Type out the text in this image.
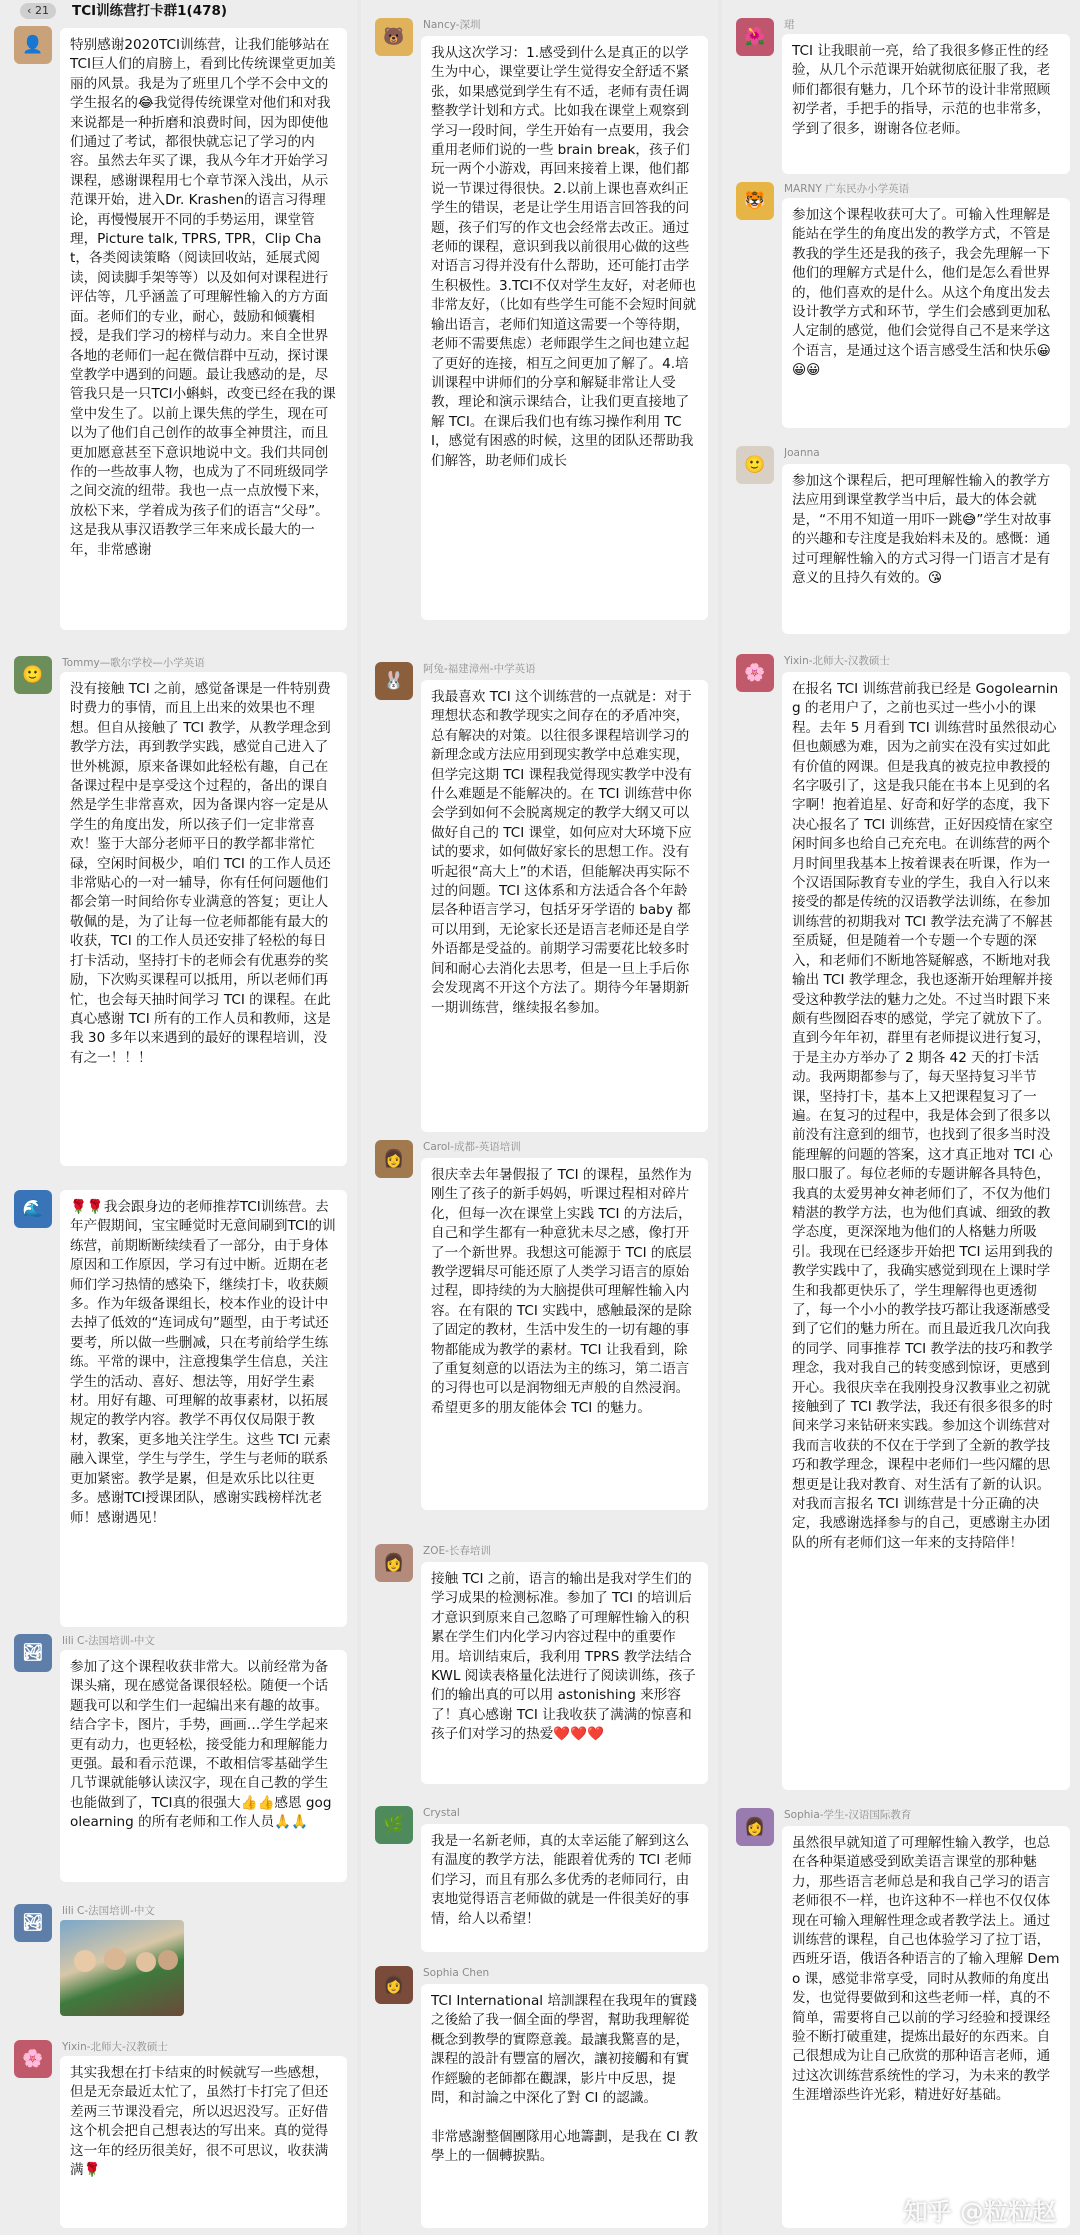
‹ 21	TCI训练营打卡群1(478)
👤	特别感谢2020TCI训练营，让我们能够站在TCI巨人们的肩膀上，看到比传统课堂更加美丽的风景。我是为了班里几个学不会中文的学生报名的😂我觉得传统课堂对他们和对我来说都是一种折磨和浪费时间，因为即使他们通过了考试，都很快就忘记了学习的内容。虽然去年买了课，我从今年才开始学习课程，感谢课程用七个章节深入浅出，从示范课开始，进入Dr. Krashen的语言习得理论，再慢慢展开不同的手势运用，课堂管理，Picture talk, TPRS, TPR，Clip Chat，各类阅读策略（阅读回收站，延展式阅读，阅读脚手架等等）以及如何对课程进行评估等，几乎涵盖了可理解性输入的方方面面。老师们的专业，耐心，鼓励和倾囊相授，是我们学习的榜样与动力。来自全世界各地的老师们一起在微信群中互动，探讨课堂教学中遇到的问题。最让我感动的是，尽管我只是一只TCI小蝌蚪，改变已经在我的课堂中发生了。以前上课失焦的学生，现在可以为了他们自己创作的故事全神贯注，而且更加愿意甚至下意识地说中文。我们共同创作的一些故事人物，也成为了不同班级同学之间交流的纽带。我也一点一点放慢下来，放松下来，学着成为孩子们的语言“父母”。这是我从事汉语教学三年来成长最大的一年，非常感谢
🙂
Tommy—歌尔学校—小学英语
没有接触 TCI 之前，感觉备课是一件特别费时费力的事情，而且上出来的效果也不理想。但自从接触了 TCI 教学，从教学理念到教学方法，再到教学实践，感觉自己进入了世外桃源，原来备课如此轻松有趣，自己在备课过程中是享受这个过程的，备出的课自然是学生非常喜欢，因为备课内容一定是从学生的角度出发，所以孩子们一定非常喜欢！鉴于大部分老师平日的教学都非常忙碌，空闲时间极少，咱们 TCI 的工作人员还非常贴心的一对一辅导，你有任何问题他们都会第一时间给你专业满意的答复；更让人敬佩的是，为了让每一位老师都能有最大的收获，TCI 的工作人员还安排了轻松的每日打卡活动，坚持打卡的老师会有优惠券的奖励，下次购买课程可以抵用，所以老师们再忙，也会每天抽时间学习 TCI 的课程。在此真心感谢 TCI 所有的工作人员和教师，这是我 30 多年以来遇到的最好的课程培训，没有之一！！！
🌊	🌹🌹我会跟身边的老师推荐TCI训练营。去年产假期间，宝宝睡觉时无意间刷到TCI的训练营，前期断断续续看了一部分，由于身体原因和工作原因，学习有过中断。近期在老师们学习热情的感染下，继续打卡，收获颇多。作为年级备课组长，校本作业的设计中去掉了低效的“连词成句”题型，由于考试还要考，所以做一些删减，只在考前给学生练练。平常的课中，注意搜集学生信息，关注学生的活动、喜好、想法等，用好学生素材。用好有趣、可理解的故事素材，以拓展规定的教学内容。教学不再仅仅局限于教材，教案，更多地关注学生。这些 TCI 元素融入课堂，学生与学生，学生与老师的联系更加紧密。教学是累，但是欢乐比以往更多。感谢TCI授课团队，感谢实践榜样沈老师！感谢遇见！
🏞
lili C-法国培训-中文
参加了这个课程收获非常大。以前经常为备课头痛，现在感觉备课很轻松。随便一个话题我可以和学生们一起编出来有趣的故事。结合字卡，图片，手势，画画…学生学起来更有动力，也更轻松，接受能力和理解能力更强。最和看示范课，不敢相信零基础学生几节课就能够认读汉字，现在自己教的学生也能做到了，TCI真的很强大👍👍感恩 gogolearning 的所有老师和工作人员🙏🙏
🏞
lili C-法国培训-中文
🌸
Yixin-北师大-汉教硕士
其实我想在打卡结束的时候就写一些感想，但是无奈最近太忙了，虽然打卡打完了但还差两三节课没看完，所以迟迟没写。正好借这个机会把自己想表达的写出来。真的觉得这一年的经历很美好，很不可思议，收获满满🌹
🐻
Nancy-深圳
我从这次学习：1.感受到什么是真正的以学生为中心，课堂要让学生觉得安全舒适不紧张，如果感觉到学生有不适，老师有责任调整教学计划和方式。比如我在课堂上观察到学习一段时间，学生开始有一点要用，我会重用老师们说的一些 brain break，孩子们玩一两个小游戏，再回来接着上课，他们都说一节课过得很快。2.以前上课也喜欢纠正学生的错误，老是让学生用语言回答我的问题，孩子们写的作文也会经常去改正。通过老师的课程，意识到我以前很用心做的这些对语言习得并没有什么帮助，还可能打击学生积极性。3.TCI不仅对学生友好，对老师也非常友好，（比如有些学生可能不会短时间就输出语言，老师们知道这需要一个等待期，老师不需要焦虑）老师跟学生之间也建立起了更好的连接，相互之间更加了解了。4.培训课程中讲师们的分享和解疑非常让人受教，理论和演示课结合，让我们更直接地了解 TCI。在课后我们也有练习操作利用 TCI，感觉有困惑的时候，这里的团队还帮助我们解答，助老师们成长
🐰
阿兔-福建漳州-中学英语
我最喜欢 TCI 这个训练营的一点就是：对于理想状态和教学现实之间存在的矛盾冲突，总有解决的对策。以往很多课程培训学习的新理念或方法应用到现实教学中总难实现，但学完这期 TCI 课程我觉得现实教学中没有什么难题是不能解决的。在 TCI 训练营中你会学到如何不会脱离规定的教学大纲又可以做好自己的 TCI 课堂，如何应对大环境下应试的要求，如何做好家长的思想工作。没有听起很“高大上”的术语，但能解决再实际不过的问题。TCI 这体系和方法适合各个年龄层各种语言学习，包括牙牙学语的 baby 都可以用到，无论家长还是语言老师还是自学外语都是受益的。前期学习需要花比较多时间和耐心去消化去思考，但是一旦上手后你会发现离不开这个方法了。期待今年暑期新一期训练营，继续报名参加。
👩
Carol-成都-英语培训
很庆幸去年暑假报了 TCI 的课程，虽然作为刚生了孩子的新手妈妈，听课过程相对碎片化，但每一次在课堂上实践 TCI 的方法后，自己和学生都有一种意犹未尽之感，像打开了一个新世界。我想这可能源于 TCI 的底层教学逻辑尽可能还原了人类学习语言的原始过程，即持续的为大脑提供可理解性输入内容。在有限的 TCI 实践中，感触最深的是除了固定的教材，生活中发生的一切有趣的事物都能成为教学的素材。TCI 让我看到，除了重复刻意的以语法为主的练习，第二语言的习得也可以是润物细无声般的自然浸润。希望更多的朋友能体会 TCI 的魅力。
👩
ZOE-长春培训
接触 TCI 之前，语言的输出是我对学生们的学习成果的检测标准。参加了 TCI 的培训后才意识到原来自己忽略了可理解性输入的积累在学生们内化学习内容过程中的重要作用。培训结束后，我利用 TPRS 教学法结合 KWL 阅读表格量化法进行了阅读训练，孩子们的输出真的可以用 astonishing 来形容了！真心感谢 TCI 让我收获了满满的惊喜和孩子们对学习的热爱❤️❤️❤️
🌿
Crystal
我是一名新老师，真的太幸运能了解到这么有温度的教学方法，能跟着优秀的 TCI 老师们学习，而且有那么多优秀的老师同行，由衷地觉得语言老师做的就是一件很美好的事情，给人以希望！
👩
Sophia Chen
TCI International 培訓課程在我現年的實踐之後給了我一個全面的學習，幫助我理解從概念到教學的實際意義。最讓我驚喜的是，課程的設計有豐富的層次，讓初接觸和有實作經驗的老師都在觀課，影片中反思，提問，和討論之中深化了對 CI 的認識。

非常感謝整個團隊用心地籌劃，是我在 CI 教學上的一個轉捩點。
🌺
珺
TCI 让我眼前一亮，给了我很多修正性的经验，从几个示范课开始就彻底征服了我，老师们都很有魅力，几个环节的设计非常照顾初学者，手把手的指导，示范的也非常多，学到了很多，谢谢各位老师。
🐯
MARNY 广东民办小学英语
参加这个课程收获可大了。可输入性理解是能站在学生的角度出发的教学方式，不管是教我的学生还是我的孩子，我会先理解一下他们的理解方式是什么，他们是怎么看世界的，他们喜欢的是什么。从这个角度出发去设计教学方式和环节，学生们会感到更加私人定制的感觉，他们会觉得自己不是来学这个语言，是通过这个语言感受生活和快乐😀😀😀
🙂
Joanna
参加这个课程后，把可理解性输入的教学方法应用到课堂教学当中后，最大的体会就是，“不用不知道一用吓一跳😅”学生对故事的兴趣和专注度是我始料未及的。感慨：通过可理解性输入的方式习得一门语言才是有意义的且持久有效的。😘
🌸
Yixin-北师大-汉教硕士
在报名 TCI 训练营前我已经是 Gogolearning 的老用户了，之前也买过一些小小的课程。去年 5 月看到 TCI 训练营时虽然很动心但也颇感为难，因为之前实在没有实过如此有价值的网课。但是我真的被克拉申教授的名字吸引了，这是我只能在书本上见到的名字啊！抱着追星、好奇和好学的态度，我下决心报名了 TCI 训练营，正好因疫情在家空闲时间多也给自己充充电。在训练营的两个月时间里我基本上按着课表在听课，作为一个汉语国际教育专业的学生，我自入行以来接受的都是传统的汉语教学法训练，在参加训练营的初期我对 TCI 教学法充满了不解甚至质疑，但是随着一个专题一个专题的深入，和老师们不断地答疑解惑，不断地对我输出 TCI 教学理念，我也逐渐开始理解并接受这种教学法的魅力之处。不过当时跟下来颇有些囫囵吞枣的感觉，学完了就放下了。直到今年年初，群里有老师提议进行复习，于是主办方举办了 2 期各 42 天的打卡活动。我两期都参与了，每天坚持复习半节课，坚持打卡，基本上又把课程复习了一遍。在复习的过程中，我是体会到了很多以前没有注意到的细节，也找到了很多当时没能理解的问题的答案，这才真正地对 TCI 心服口服了。每位老师的专题讲解各具特色，我真的太爱男神女神老师们了，不仅为他们精湛的教学方法，也为他们真诚、细致的教学态度，更深深地为他们的人格魅力所吸引。我现在已经逐步开始把 TCI 运用到我的教学实践中了，我确实感觉到现在上课时学生和我都更快乐了，学生理解得也更透彻了，每一个小小的教学技巧都让我逐渐感受到了它们的魅力所在。而且最近我几次向我的同学、同事推荐 TCI 教学法的技巧和教学理念，我对我自己的转变感到惊讶，更感到开心。我很庆幸在我刚投身汉教事业之初就接触到了 TCI 教学法，我还有很多很多的时间来学习来钻研来实践。参加这个训练营对我而言收获的不仅在于学到了全新的教学技巧和教学理念，课程中老师们一些闪耀的思想更是让我对教育、对生活有了新的认识。对我而言报名 TCI 训练营是十分正确的决定，我感谢选择参与的自己，更感谢主办团队的所有老师们这一年来的支持陪伴！
👩
Sophia-学生-汉语国际教育
虽然很早就知道了可理解性输入教学，也总在各种渠道感受到欧美语言课堂的那种魅力，那些语言老师总是和我自己学习的语言老师很不一样，也许这种不一样也不仅仅体现在可输入理解性理念或者教学法上。通过训练营的课程，自己也体验学习了拉丁语，西班牙语，俄语各种语言的了输入理解 Demo 课，感觉非常享受，同时从教师的角度出发，也觉得要做到和这些老师一样，真的不简单，需要将自己以前的学习经验和授课经验不断打破重建，提炼出最好的东西来。自己很想成为让自己欣赏的那种语言老师，通过这次训练营系统性的学习，为未来的教学生涯增添些许光彩，精进好好基础。
知乎 @粒粒赵
